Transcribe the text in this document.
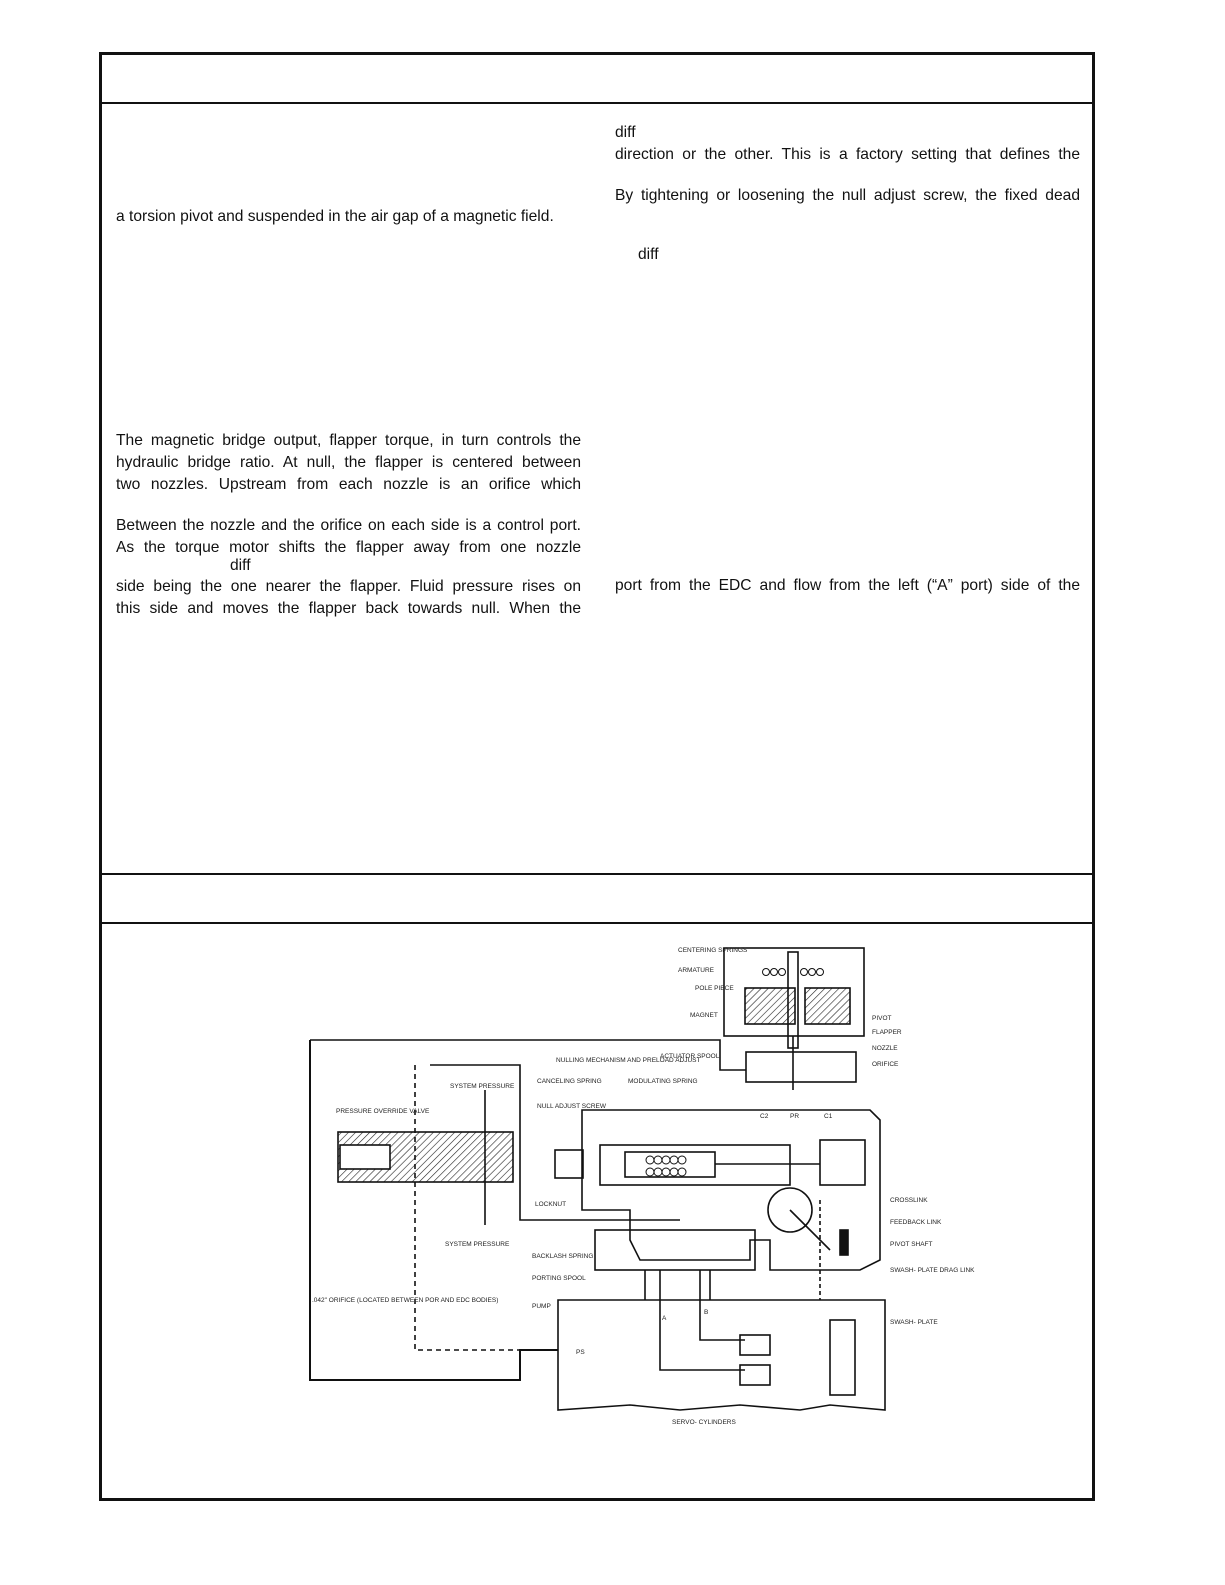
a torsion pivot and suspended in the air gap of a magnetic field.
The magnetic bridge output, flapper torque, in turn controls the
hydraulic bridge ratio. At null, the flapper is centered between
two nozzles. Upstream from each nozzle is an orifice which
Between the nozzle and the orifice on each side is a control port.
As the torque motor shifts the flapper away from one nozzle
diff
side being the one nearer the flapper. Fluid pressure rises on
this side and moves the flapper back towards null. When the
diff
direction or the other. This is a factory setting that defines the
By tightening or loosening the null adjust screw, the fixed dead
diff
port from the EDC and flow from the left (“A” port) side of the
CENTERING SPRINGS
ARMATURE
POLE PIECE
MAGNET	PIVOT
FLAPPER
NOZZLE
ORIFICE
NULLING MECHANISM AND PRELOAD ADJUST
ACTUATOR SPOOL
CANCELING SPRING	MODULATING SPRING
NULL ADJUST SCREW
SYSTEM PRESSURE
PRESSURE OVERRIDE VALVE
LOCKNUT
CROSSLINK
FEEDBACK LINK
PIVOT SHAFT
SWASH- PLATE DRAG LINK
SYSTEM PRESSURE
BACKLASH SPRING
PORTING SPOOL
PUMP
.042" ORIFICE (LOCATED BETWEEN POR AND EDC BODIES)
SWASH- PLATE
SERVO- CYLINDERS
A
B
C1
C2	PR
PS
